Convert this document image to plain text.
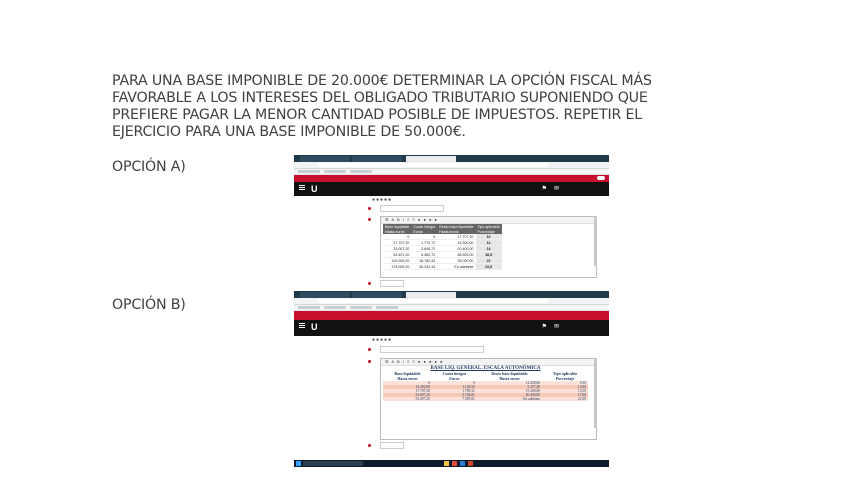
PARA UNA BASE IMPONIBLE DE 20.000€ DETERMINAR LA OPCIÓN FISCAL MÁS FAVORABLE A LOS INTERESES DEL OBLIGADO TRIBUTARIO SUPONIENDO QUE PREFIERE PAGAR LA MENOR CANTIDAD POSIBLE DE IMPUESTOS. REPETIR EL EJERCICIO PARA UNA BASE IMPONIBLE DE 50.000€.
OPCIÓN A)
OPCIÓN B)
U	⚑ ✉
●●●●●
☰ A B I ≡ ≡ ● ● ● ●
Base liquidable	Cuota íntegra	Resto base liquidable	Tipo aplicable
Hasta euros	Euros	Hasta euros	Porcentaje
0	0	17.707,20	10
17.707,20	1.770,72	15.300,00	12
33.007,20	3.606,72	20.400,00	14
53.407,20	6.462,72	66.593,00	18,5
120.000,20	18.782,43	55.000,00	21
175.000,20	30.332,43	En adelante	23,5
U	⚑ ✉
●●●●●
☰ A B I ≡ ≡ ● ● ● ● ●
BASE LIQ. GENERAL. ESCALA AUTONÓMICA
Base liquidable	Cuota íntegra	Resto base liquidable	Tipo aplicable
Hasta euros	Euros	Hasta euros	Porcentaje
0	0	12.450,00	9,50
12.450,00	1.120,50	5.257,20	12,00
17.707,20	1.709,31	15.300,00	13,50
33.007,20	3.744,81	20.400,00	17,00
53.407,20	7.395,81	En adelante	21,00
